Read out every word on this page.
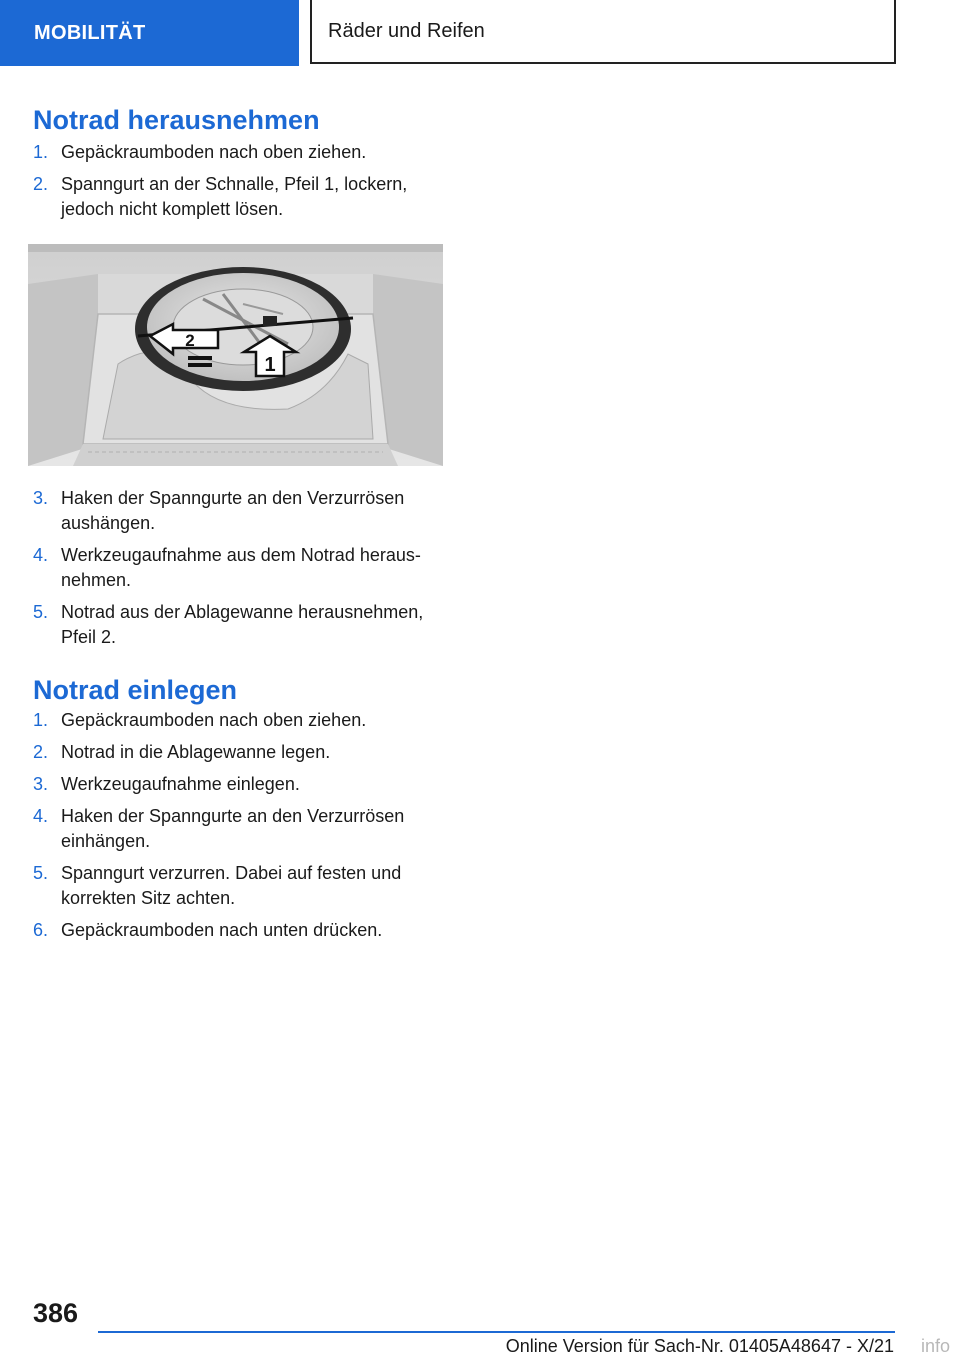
MOBILITÄT	Räder und Reifen
Notrad herausnehmen
1. Gepäckraumboden nach oben ziehen.
2. Spanngurt an der Schnalle, Pfeil 1, lockern, jedoch nicht komplett lösen.
1
2
3. Haken der Spanngurte an den Verzurrösen aushängen.
4. Werkzeugaufnahme aus dem Notrad heraus-nehmen.
5. Notrad aus der Ablagewanne herausnehmen, Pfeil 2.
Notrad einlegen
1. Gepäckraumboden nach oben ziehen.
2. Notrad in die Ablagewanne legen.
3. Werkzeugaufnahme einlegen.
4. Haken der Spanngurte an den Verzurrösen einhängen.
5. Spanngurt verzurren. Dabei auf festen und korrekten Sitz achten.
6. Gepäckraumboden nach unten drücken.
386
Online Version für Sach-Nr. 01405A48647 - X/21 info
